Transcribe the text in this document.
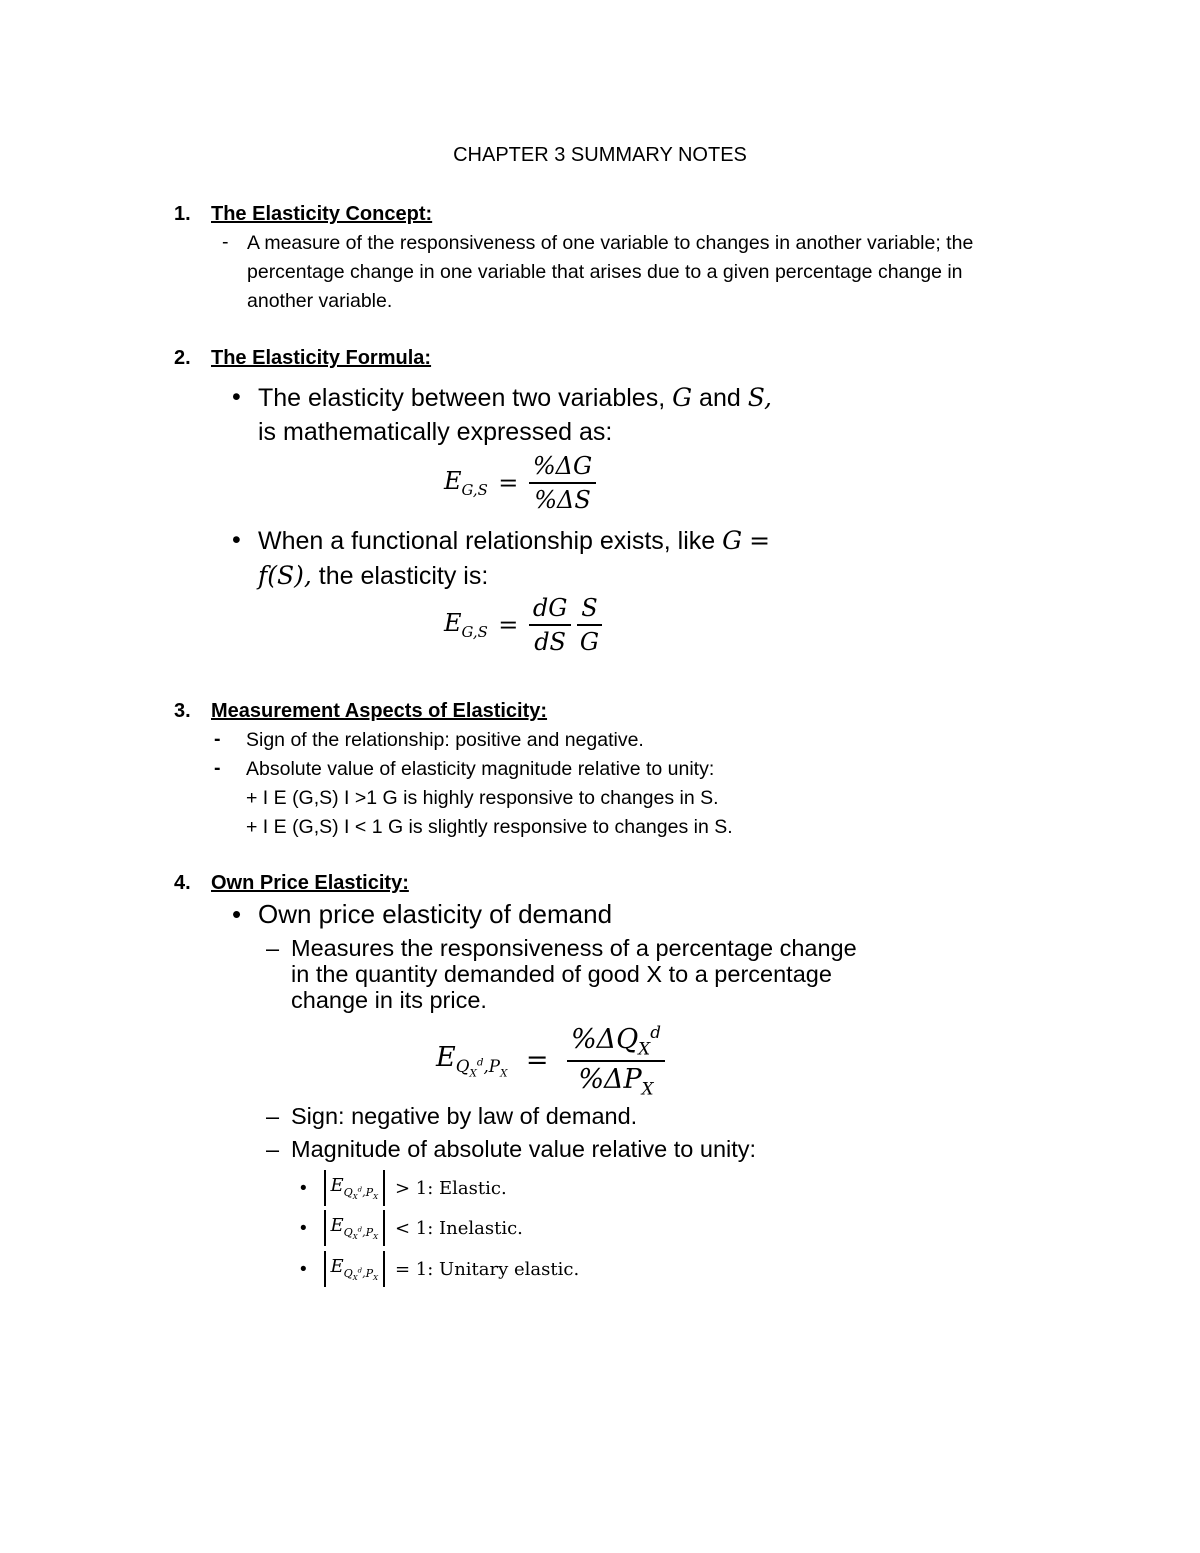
CHAPTER 3 SUMMARY NOTES
1. The Elasticity Concept:
- A measure of the responsiveness of one variable to changes in another variable; the
percentage change in one variable that arises due to a given percentage change in
another variable.
2. The Elasticity Formula:
• The elasticity between two variables, G and S,
is mathematically expressed as:
$E_{G,S} = \frac{\%\Delta G}{\%\Delta S}$
• When a functional relationship exists, like G =
f(S), the elasticity is:
$E_{G,S} = \frac{dG}{dS}$
$\frac{S}{G}$
3. Measurement Aspects of Elasticity:
- Sign of the relationship: positive and negative.
- Absolute value of elasticity magnitude relative to unity:
+ I E (G,S) I >1 G is highly responsive to changes in S.
+ I E (G,S) I < 1 G is slightly responsive to changes in S.
4. Own Price Elasticity:
• Own price elasticity of demand
– Measures the responsiveness of a percentage change
in the quantity demanded of good X to a percentage
change in its price.
$E_{Q_X^d,P_X} = \frac{\%\Delta Q_X^d}{\%\Delta P_X}$
– Sign: negative by law of demand.
– Magnitude of absolute value relative to unity:
•	$E_{Q_X^d,P_X} > 1$: Elastic.
•	$E_{Q_X^d,P_X} < 1$: Inelastic.
•	$E_{Q_X^d,P_X} = 1$: Unitary elastic.
